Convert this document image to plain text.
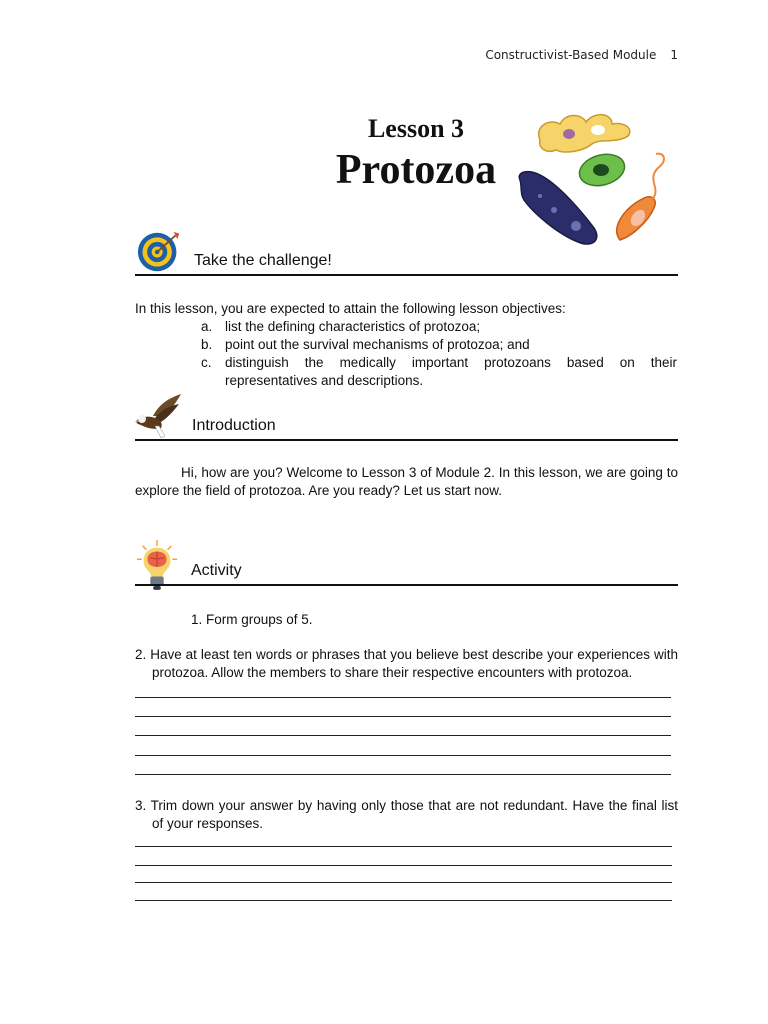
Constructivist-Based Module 1
Lesson 3
Protozoa
Take the challenge!
In this lesson, you are expected to attain the following lesson objectives:
a. list the defining characteristics of protozoa;
b. point out the survival mechanisms of protozoa; and
c. distinguish the medically important protozoans based on their
representatives and descriptions.
Introduction
Hi, how are you? Welcome to Lesson 3 of Module 2. In this lesson, we are going to explore the field of protozoa. Are you ready? Let us start now.
Activity
1. Form groups of 5.
2. Have at least ten words or phrases that you believe best describe your experiences with protozoa. Allow the members to share their respective encounters with protozoa.
3. Trim down your answer by having only those that are not redundant. Have the final list of your responses.
